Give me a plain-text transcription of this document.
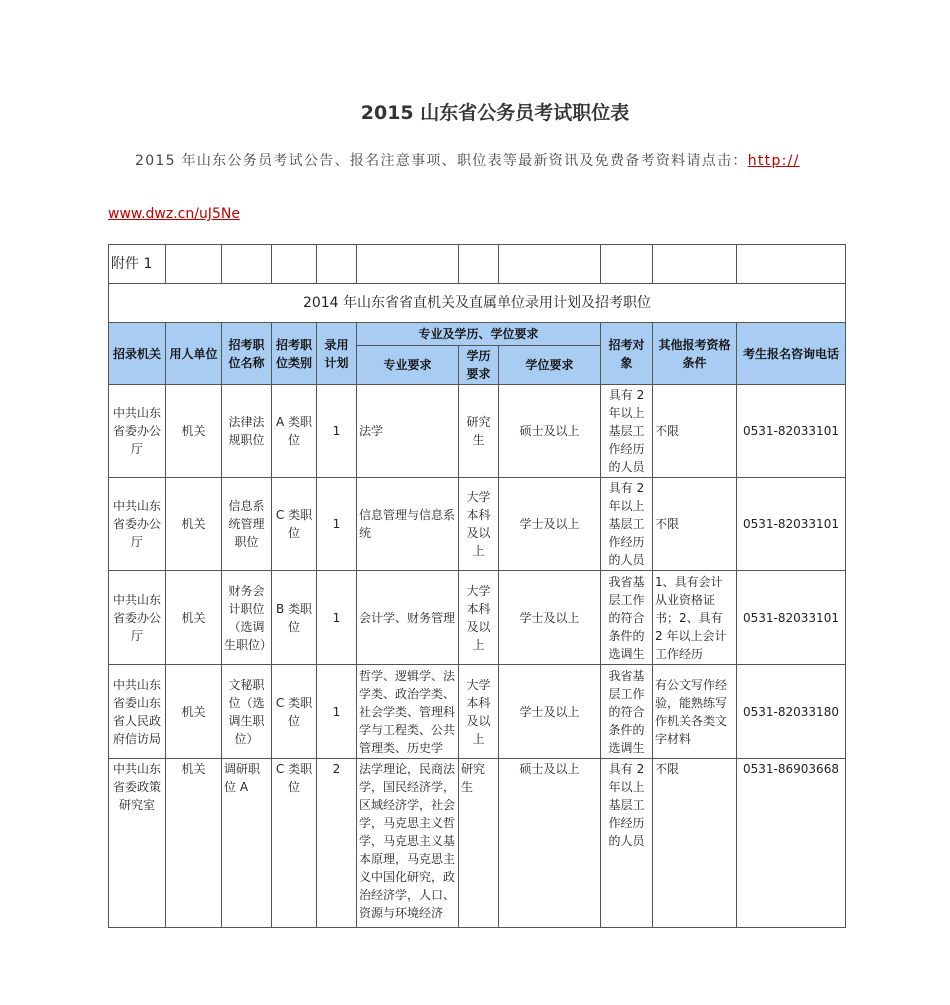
2015 山东省公务员考试职位表

2015 年山东公务员考试公告、报名注意事项、职位表等最新资讯及免费备考资料请点击：http://

www.dwz.cn/uJ5Ne

附件 1										
2014 年山东省省直机关及直属单位录用计划及招考职位										
招录机关	用人单位	招考职位名称	招考职位类别	录用计划	专业及学历、学位要求			招考对象	其他报考资格条件	考生报名咨询电话
					专业要求	学历要求	学位要求			
中共山东省委办公厅	机关	法律法规职位	A 类职位	1	法学	研究生	硕士及以上	具有 2 年以上基层工作经历的人员	不限	0531-82033101
中共山东省委办公厅	机关	信息系统管理职位	C 类职位	1	信息管理与信息系统	大学本科及以上	学士及以上	具有 2 年以上基层工作经历的人员	不限	0531-82033101
中共山东省委办公厅	机关	财务会计职位（选调生职位）	B 类职位	1	会计学、财务管理	大学本科及以上	学士及以上	我省基层工作的符合条件的选调生	1、具有会计从业资格证书；2、具有 2 年以上会计工作经历	0531-82033101
中共山东省委山东省人民政府信访局	机关	文秘职位（选调生职位）	C 类职位	1	哲学、逻辑学、法学类、政治学类、社会学类、管理科学与工程类、公共管理类、历史学	大学本科及以上	学士及以上	我省基层工作的符合条件的选调生	有公文写作经验，能熟练写作机关各类文字材料	0531-82033180
中共山东省委政策研究室	机关	调研职位 A	C 类职位	2	法学理论，民商法学，国民经济学，区域经济学，社会学，马克思主义哲学，马克思主义基本原理，马克思主义中国化研究，政治经济学，人口、资源与环境经济	研究生	硕士及以上	具有 2 年以上基层工作经历的人员	不限	0531-86903668
